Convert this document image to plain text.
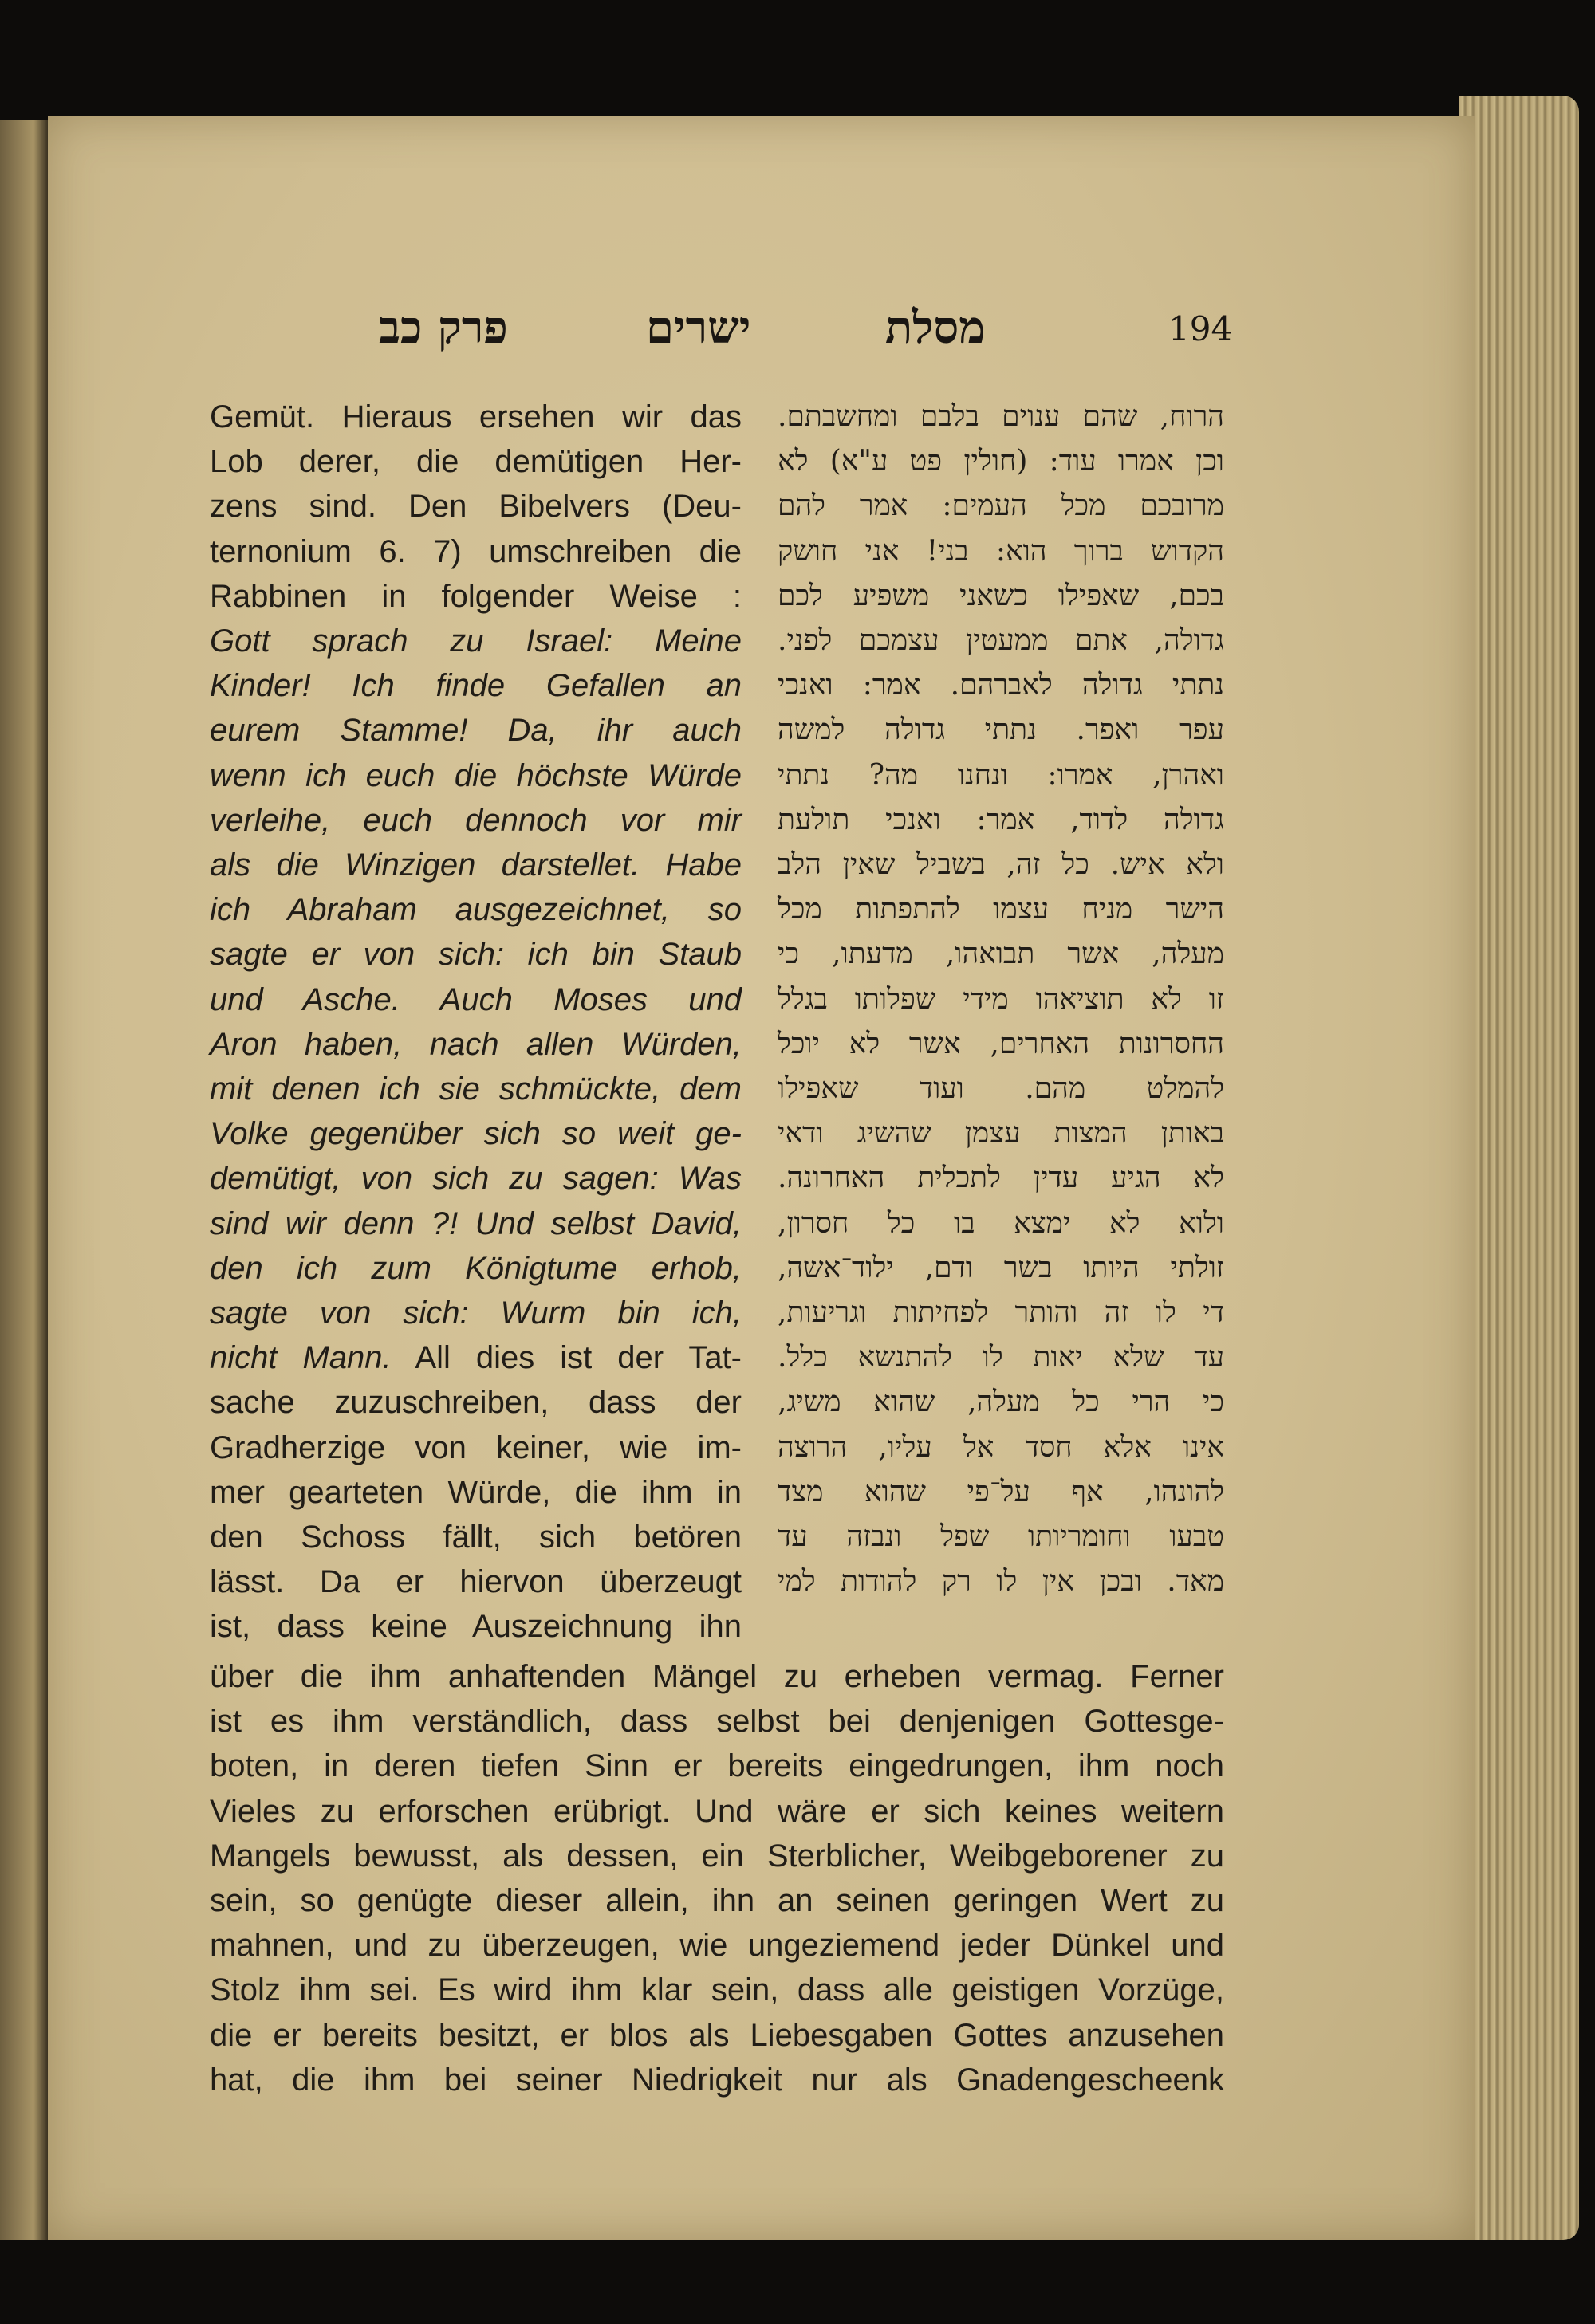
פרק כב	ישרים	מסלת	194
Gemüt. Hieraus ersehen wir das
Lob derer, die demütigen Her-
zens sind. Den Bibelvers (Deu-
ternonium 6. 7) umschreiben die
Rabbinen in folgender Weise :
Gott sprach zu Israel: Meine
Kinder! Ich finde Gefallen an
eurem Stamme! Da, ihr auch
wenn ich euch die höchste Würde
verleihe, euch dennoch vor mir
als die Winzigen darstellet. Habe
ich Abraham ausgezeichnet, so
sagte er von sich: ich bin Staub
und Asche. Auch Moses und
Aron haben, nach allen Würden,
mit denen ich sie schmückte, dem
Volke gegenüber sich so weit ge-
demütigt, von sich zu sagen: Was
sind wir denn ?! Und selbst David,
den ich zum Königtume erhob,
sagte von sich: Wurm bin ich,
nicht Mann. All dies ist der Tat-
sache zuzuschreiben, dass der
Gradherzige von keiner, wie im-
mer gearteten Würde, die ihm in
den Schoss fällt, sich betören
lässt. Da er hiervon überzeugt
ist, dass keine Auszeichnung ihn
הרוח, שהם ענוים בלבם ומחשבתם.
וכן אמרו עוד: (חולין פט ע"א) לא
מרובכם מכל העמים: אמר להם
הקדוש ברוך הוא: בני! אני חושק
בכם, שאפילו כשאני משפיע לכם
גדולה, אתם ממעטין עצמכם לפני.
נתתי גדולה לאברהם. אמר: ואנכי
עפר ואפר. נתתי גדולה למשה
ואהרן, אמרו: ונחנו מה? נתתי
גדולה לדוד, אמר: ואנכי תולעת
ולא איש. כל זה, בשביל שאין הלב
הישר מניח עצמו להתפתות מכל
מעלה, אשר תבואהו, מדעתו, כי
זו לא תוציאהו מידי שפלותו בגלל
החסרונות האחרים, אשר לא יוכל
להמלט מהם. ועוד שאפילו
באותן המצות עצמן שהשיג ודאי
לא הגיע עדין לתכלית האחרונה.
ולוא לא ימצא בו כל חסרון,
זולתי היותו בשר ודם, ילוד־אשה,
די לו זה והותר לפחיתות וגריעות,
עד שלא יאות לו להתנשא כלל.
כי הרי כל מעלה, שהוא משיג,
אינו אלא חסד אל עליו, הרוצה
להונהו, אף על־פי שהוא מצד
טבעו וחומריותו שפל ונבזה עד
מאד. ובכן אין לו רק להודות למי
über die ihm anhaftenden Mängel zu erheben vermag. Ferner
ist es ihm verständlich, dass selbst bei denjenigen Gottesge-
boten, in deren tiefen Sinn er bereits eingedrungen, ihm noch
Vieles zu erforschen erübrigt. Und wäre er sich keines weitern
Mangels bewusst, als dessen, ein Sterblicher, Weibgeborener zu
sein, so genügte dieser allein, ihn an seinen geringen Wert zu
mahnen, und zu überzeugen, wie ungeziemend jeder Dünkel und
Stolz ihm sei. Es wird ihm klar sein, dass alle geistigen Vorzüge,
die er bereits besitzt, er blos als Liebesgaben Gottes anzusehen
hat, die ihm bei seiner Niedrigkeit nur als Gnadengescheenk
